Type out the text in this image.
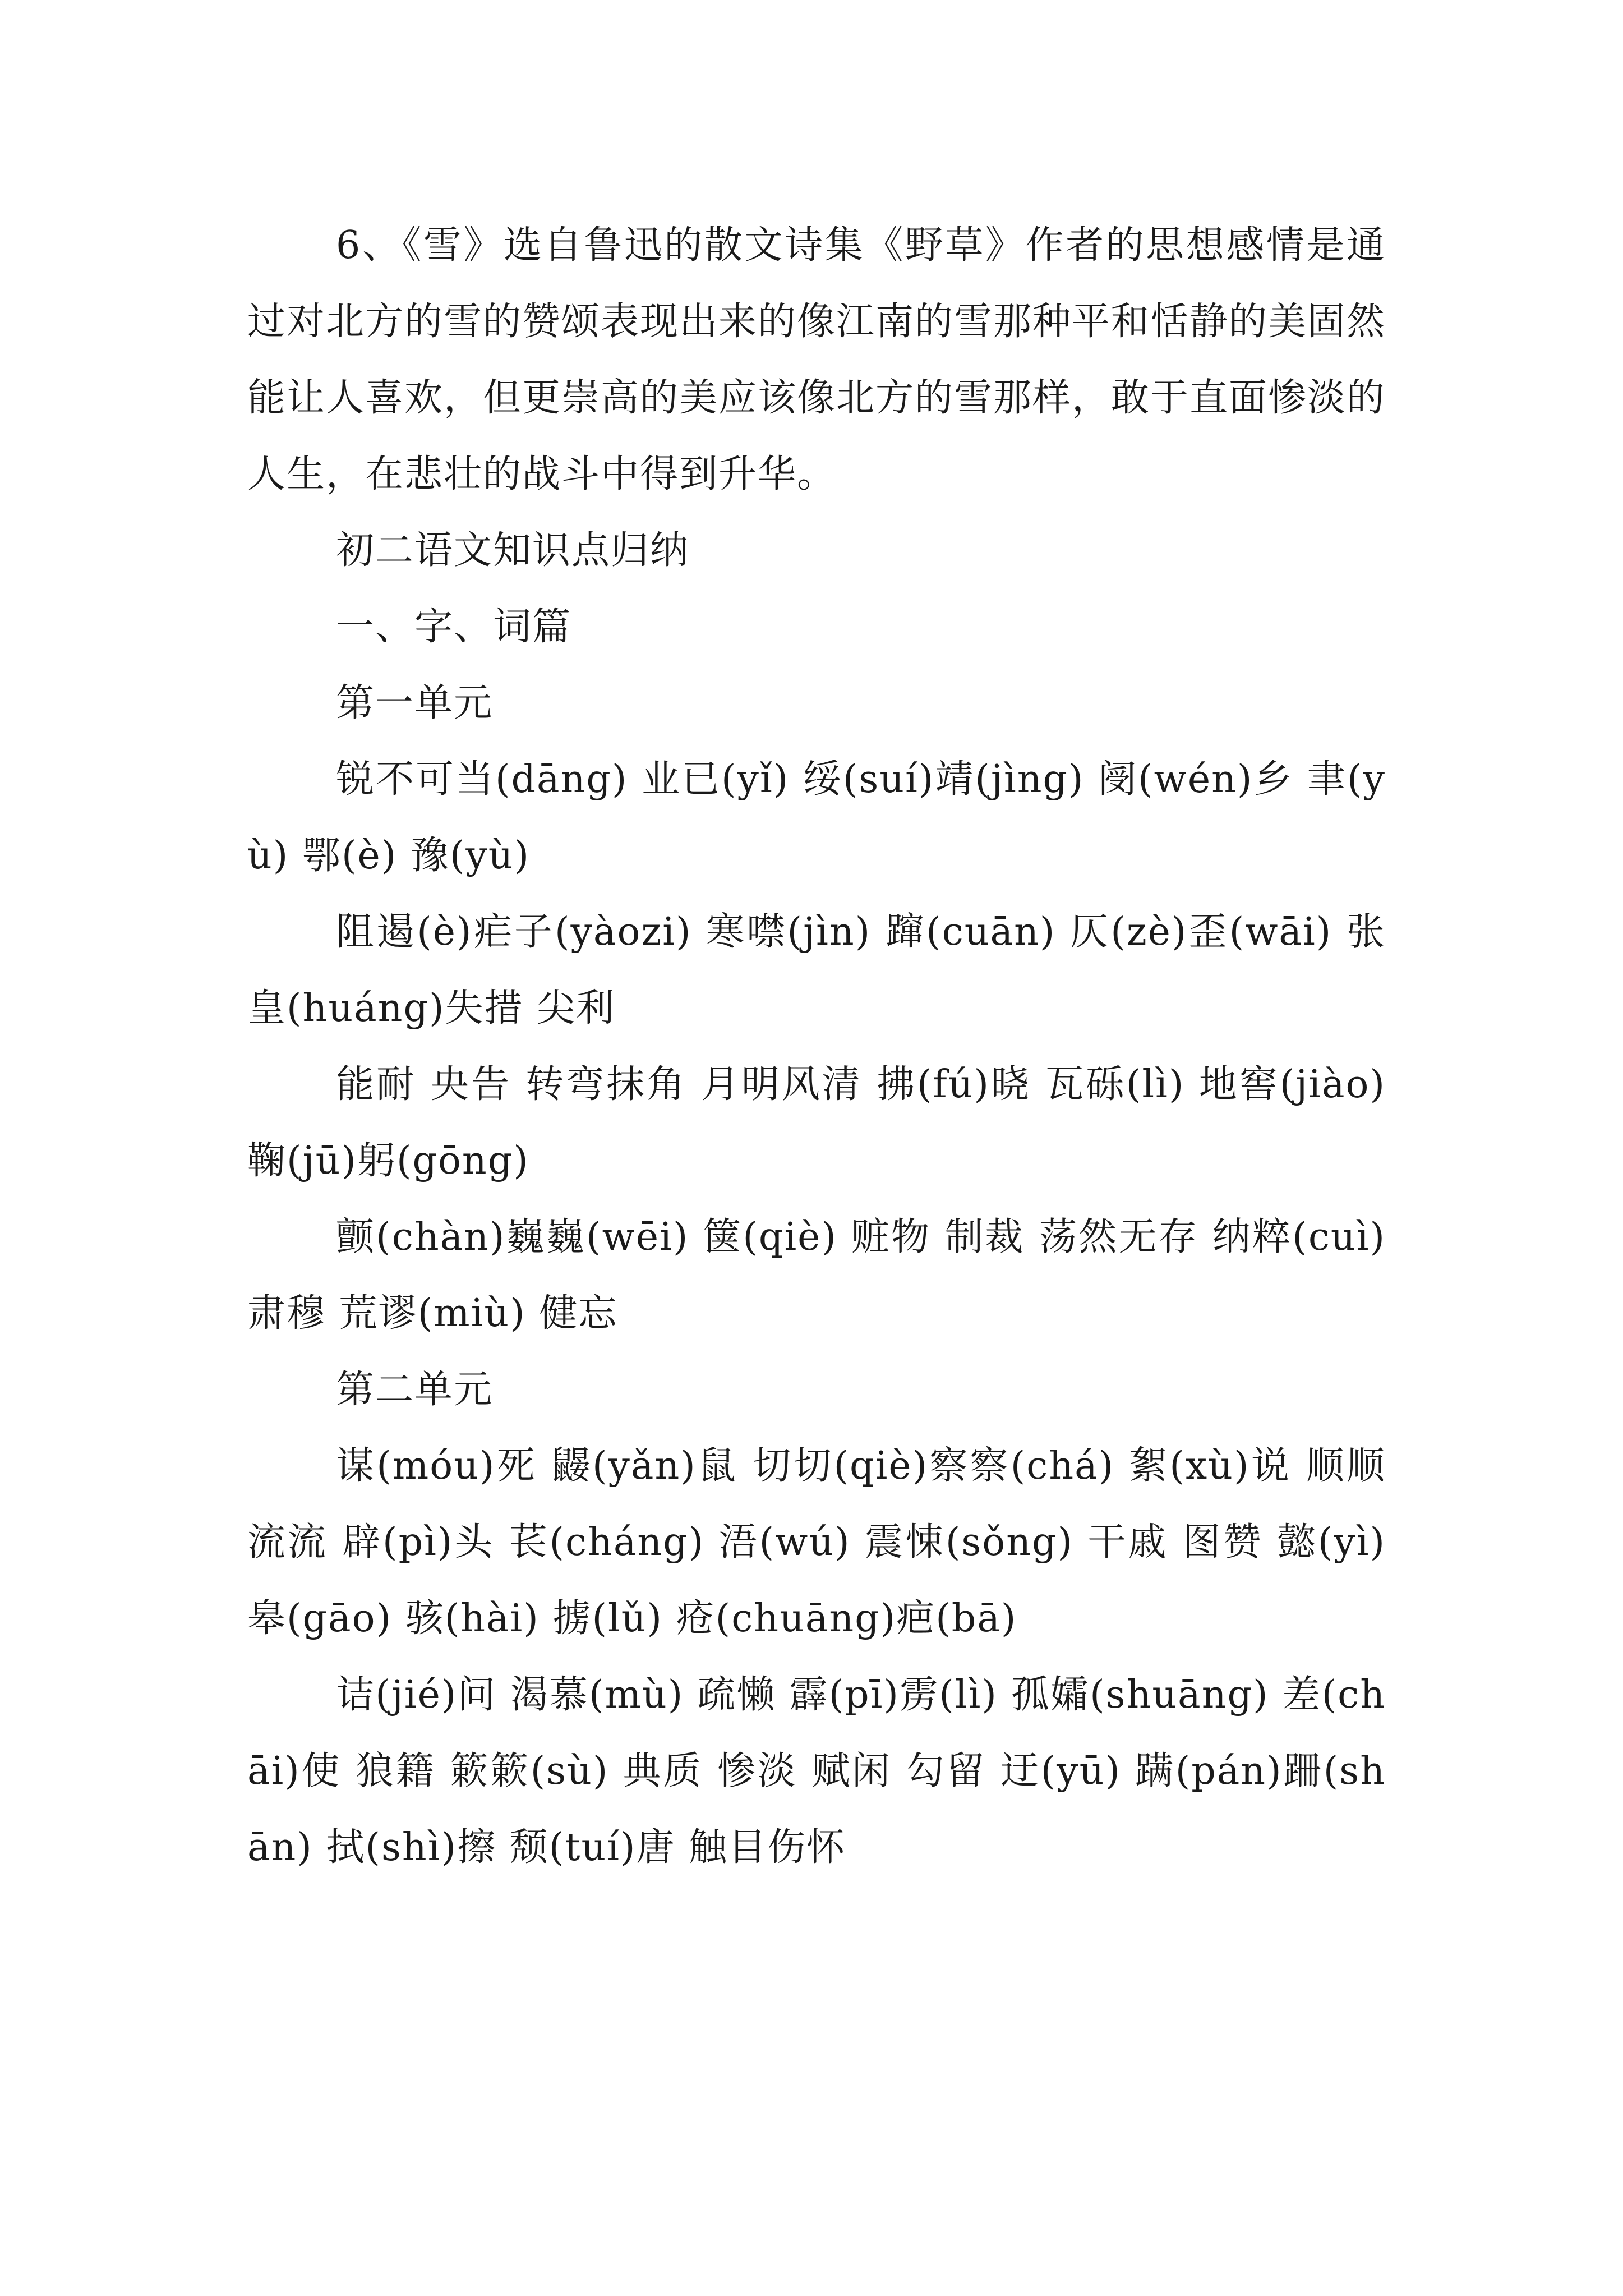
6、《雪》选自鲁迅的散文诗集《野草》作者的思想感情是通过对北方的雪的赞颂表现出来的像江南的雪那种平和恬静的美固然能让人喜欢，但更崇高的美应该像北方的雪那样，敢于直面惨淡的人生，在悲壮的战斗中得到升华。

初二语文知识点归纳

一、字、词篇

第一单元

锐不可当(dāng) 业已(yǐ) 绥(suí)靖(jìng) 阌(wén)乡 聿(yù) 鄂(è) 豫(yù)

阻遏(è)疟子(yàozi) 寒噤(jìn) 蹿(cuān) 仄(zè)歪(wāi) 张皇(huáng)失措 尖利

能耐 央告 转弯抹角 月明风清 拂(fú)晓 瓦砾(lì) 地窖(jiào) 鞠(jū)躬(gōng)

颤(chàn)巍巍(wēi) 箧(qiè) 赃物 制裁 荡然无存 纳粹(cuì) 肃穆 荒谬(miù) 健忘

第二单元

谋(móu)死 鼹(yǎn)鼠 切切(qiè)察察(chá) 絮(xù)说 顺顺流流 辟(pì)头 苌(cháng) 浯(wú) 震悚(sǒng) 干戚 图赞 懿(yì) 皋(gāo) 骇(hài) 掳(lǔ) 疮(chuāng)疤(bā)

诘(jié)问 渴慕(mù) 疏懒 霹(pī)雳(lì) 孤孀(shuāng) 差(chāi)使 狼籍 簌簌(sù) 典质 惨淡 赋闲 勾留 迂(yū) 蹒(pán)跚(shān) 拭(shì)擦 颓(tuí)唐 触目伤怀
